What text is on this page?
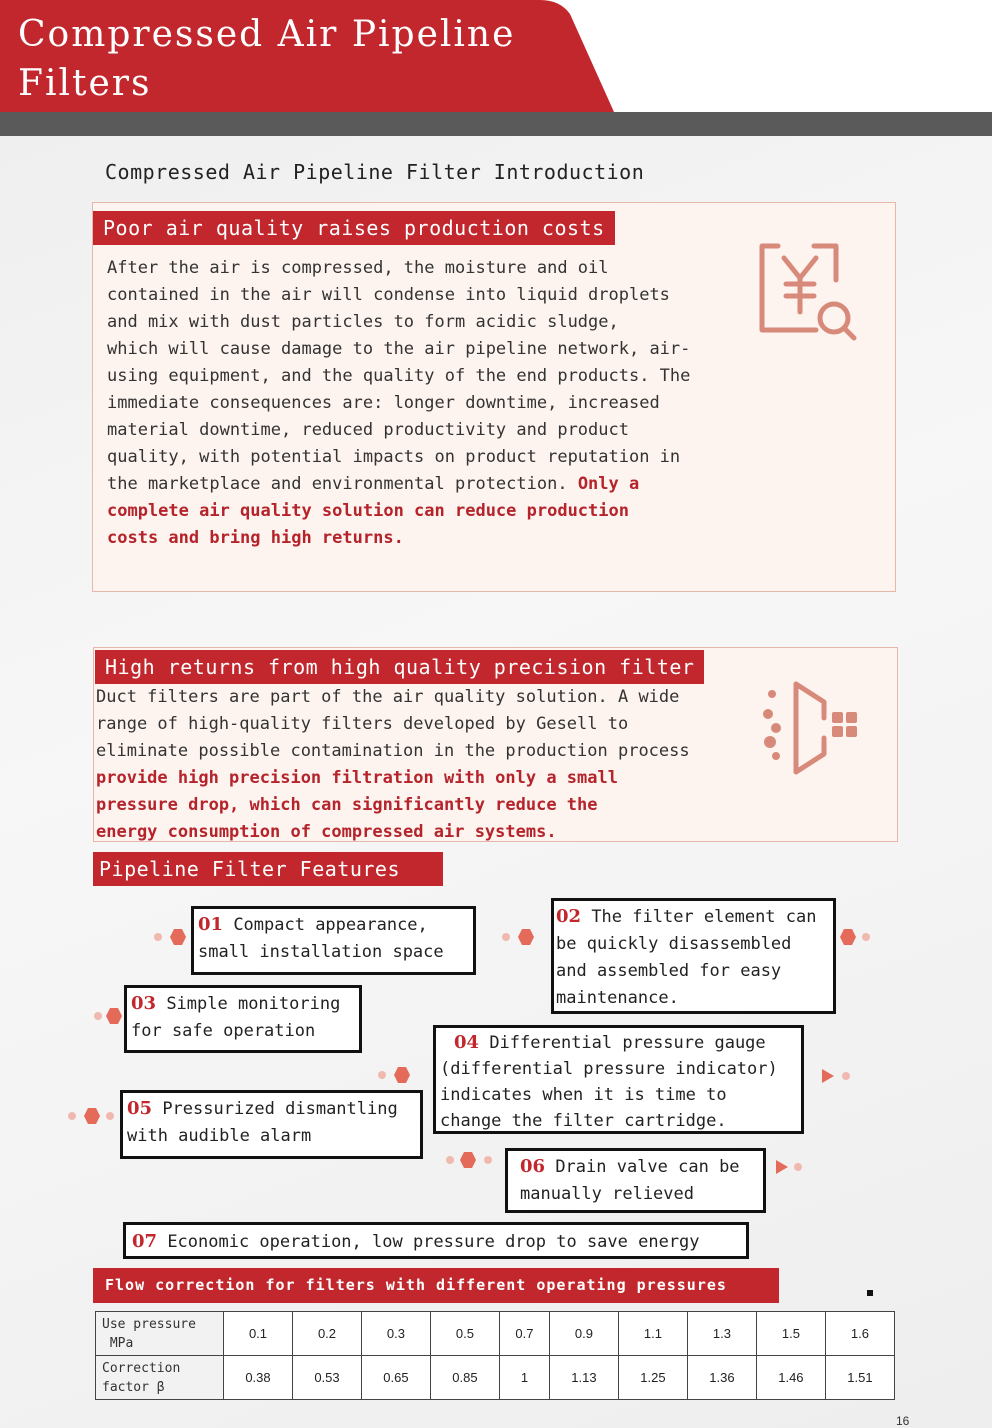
Compressed Air Pipeline
Filters
Compressed Air Pipeline Filter Introduction
Poor air quality raises production costs
After the air is compressed, the moisture and oil
contained in the air will condense into liquid droplets
and mix with dust particles to form acidic sludge,
which will cause damage to the air pipeline network, air-
using equipment, and the quality of the end products. The
immediate consequences are: longer downtime, increased
material downtime, reduced productivity and product
quality, with potential impacts on product reputation in
the marketplace and environmental protection. Only a
complete air quality solution can reduce production
costs and bring high returns.
High returns from high quality precision filter
Duct filters are part of the air quality solution. A wide
range of high-quality filters developed by Gesell to
eliminate possible contamination in the production process
provide high precision filtration with only a small
pressure drop, which can significantly reduce the
energy consumption of compressed air systems.
Pipeline Filter Features
01 Compact appearance,
small installation space
02 The filter element can
be quickly disassembled
and assembled for easy
maintenance.
03 Simple monitoring
for safe operation
04 Differential pressure gauge
(differential pressure indicator)
indicates when it is time to
change the filter cartridge.
05 Pressurized dismantling
with audible alarm
06 Drain valve can be
manually relieved
07 Economic operation, low pressure drop to save energy
Flow correction for filters with different operating pressures
Use pressure
MPa	0.1	0.2	0.3	0.5	0.7	0.9	1.1	1.3	1.5	1.6
Correction
factor β	0.38	0.53	0.65	0.85	1	1.13	1.25	1.36	1.46	1.51
16
